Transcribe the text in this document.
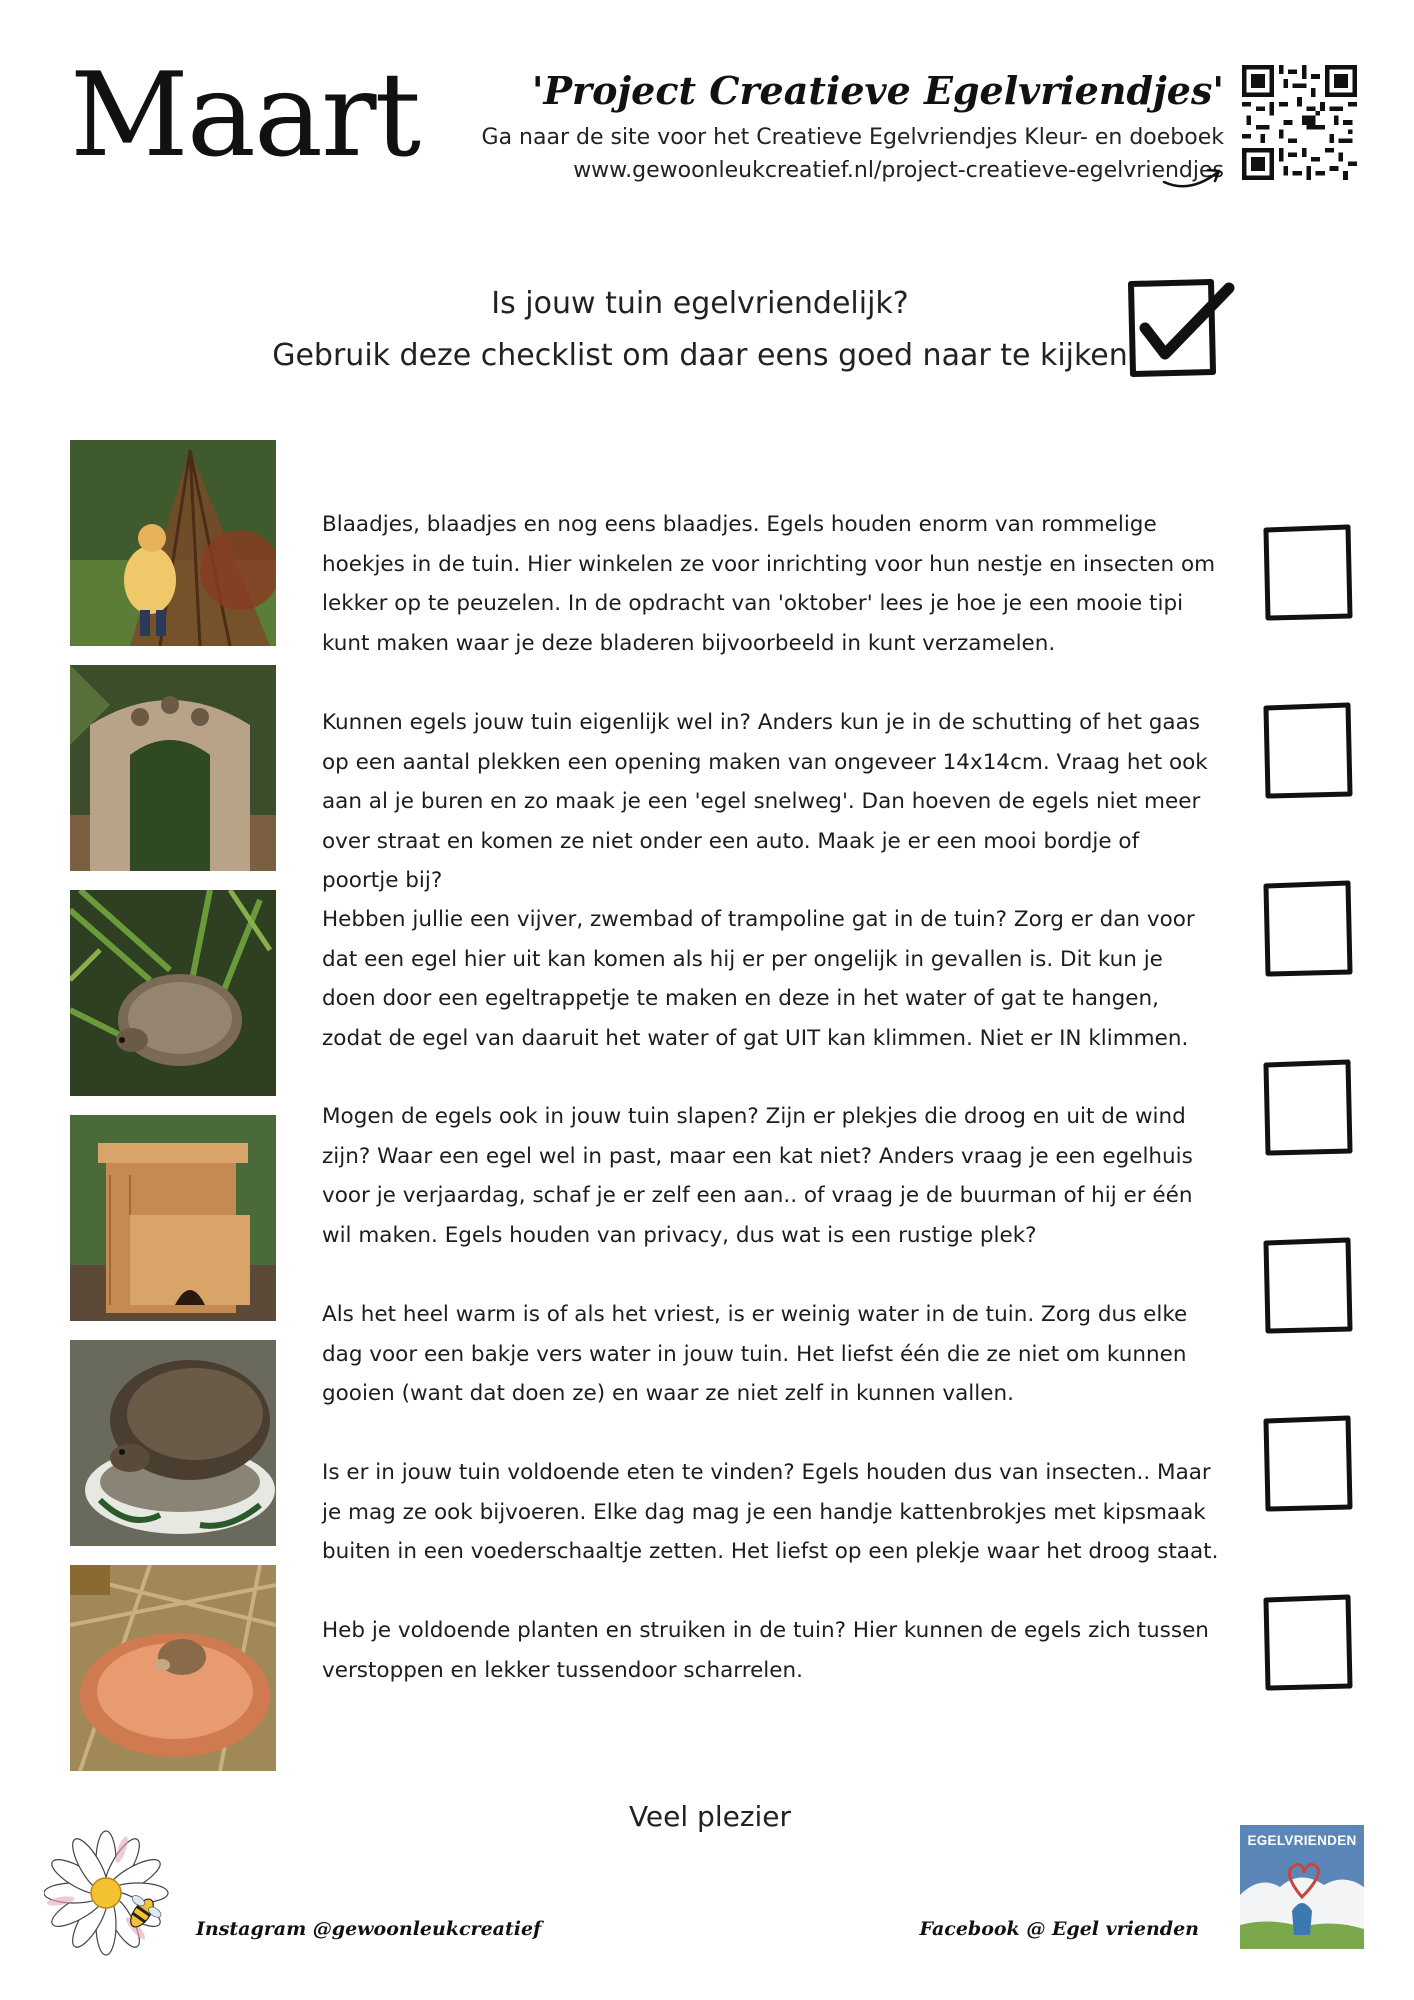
Maart	'Project Creatieve Egelvriendjes'
Ga naar de site voor het Creatieve Egelvriendjes Kleur- en doeboek
www.gewoonleukcreatief.nl/project-creatieve-egelvriendjes
Is jouw tuin egelvriendelijk?
Gebruik deze checklist om daar eens goed naar te kijken
Blaadjes, blaadjes en nog eens blaadjes. Egels houden enorm van rommelige hoekjes in de tuin. Hier winkelen ze voor inrichting voor hun nestje en insecten om lekker op te peuzelen. In de opdracht van 'oktober' lees je hoe je een mooie tipi kunt maken waar je deze bladeren bijvoorbeeld in kunt verzamelen.
Kunnen egels jouw tuin eigenlijk wel in? Anders kun je in de schutting of het gaas op een aantal plekken een opening maken van ongeveer 14x14cm. Vraag het ook aan al je buren en zo maak je een 'egel snelweg'. Dan hoeven de egels niet meer over straat en komen ze niet onder een auto. Maak je er een mooi bordje of poortje bij?
Hebben jullie een vijver, zwembad of trampoline gat in de tuin? Zorg er dan voor dat een egel hier uit kan komen als hij er per ongelijk in gevallen is. Dit kun je doen door een egeltrappetje te maken en deze in het water of gat te hangen, zodat de egel van daaruit het water of gat UIT kan klimmen. Niet er IN klimmen.
Mogen de egels ook in jouw tuin slapen? Zijn er plekjes die droog en uit de wind zijn? Waar een egel wel in past, maar een kat niet? Anders vraag je een egelhuis voor je verjaardag, schaf je er zelf een aan.. of vraag je de buurman of hij er één wil maken. Egels houden van privacy, dus wat is een rustige plek?
Als het heel warm is of als het vriest, is er weinig water in de tuin. Zorg dus elke dag voor een bakje vers water in jouw tuin. Het liefst één die ze niet om kunnen gooien (want dat doen ze) en waar ze niet zelf in kunnen vallen.
Is er in jouw tuin voldoende eten te vinden? Egels houden dus van insecten.. Maar je mag ze ook bijvoeren. Elke dag mag je een handje kattenbrokjes met kipsmaak buiten in een voederschaaltje zetten. Het liefst op een plekje waar het droog staat.
Heb je voldoende planten en struiken in de tuin? Hier kunnen de egels zich tussen verstoppen en lekker tussendoor scharrelen.
Veel plezier
Instagram @gewoonleukcreatief	Facebook @ Egel vrienden
EGELVRIENDEN
